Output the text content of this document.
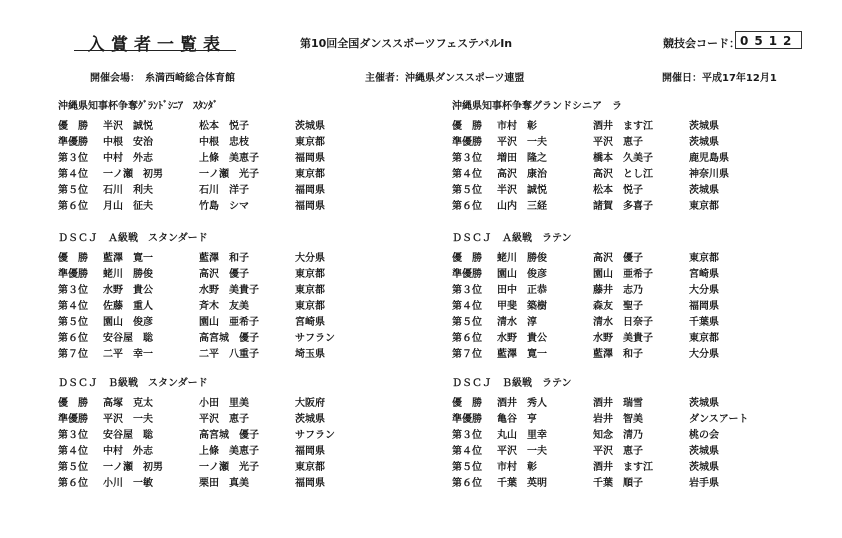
入賞者一覧表	第10回全国ダンススポーツフェステバルIn	競技会コード： 0512
開催会場：　糸満西崎総合体育館	主催者：沖縄県ダンススポーツ連盟	開催日：平成17年12月1
沖縄県知事杯争奪ｸﾞﾗﾝﾄﾞｼﾆｱ　ｽﾀﾝﾀﾞ
優　勝 半沢　誠悦	松本　悦子	茨城県
準優勝 中根　安治	中根　忠枝	東京都
第３位 中村　外志	上條　美恵子	福岡県
第４位 一ノ瀬　初男	一ノ瀬　光子	東京都
第５位 石川　利夫	石川　洋子	福岡県
第６位 月山　征夫	竹島　シマ	福岡県
沖縄県知事杯争奪グランドシニア　ラ
優　勝 市村　彰	酒井　ます江	茨城県
準優勝 平沢　一夫	平沢　恵子	茨城県
第３位 増田　隆之	橋本　久美子	鹿児島県
第４位 高沢　康治	高沢　とし江	神奈川県
第５位 半沢　誠悦	松本　悦子	茨城県
第６位 山内　三経	諸賀　多喜子	東京都
ＤＳＣＪ　Ａ級戦　スタンダード
優　勝 藍澤　寛一	藍澤　和子	大分県
準優勝 蛯川　勝俊	高沢　優子	東京都
第３位 水野　貴公	水野　美貴子	東京都
第４位 佐藤　重人	斉木　友美	東京都
第５位 園山　俊彦	園山　亜希子	宮崎県
第６位 安谷屋　聡	高宮城　優子	サフラン
第７位 二平　幸一	二平　八重子	埼玉県
ＤＳＣＪ　Ａ級戦　ラテン
優　勝 蛯川　勝俊	高沢　優子	東京都
準優勝 園山　俊彦	園山　亜希子	宮崎県
第３位 田中　正恭	藤井　志乃	大分県
第４位 甲斐　築樹	森友　聖子	福岡県
第５位 清水　淳	清水　日奈子	千葉県
第６位 水野　貴公	水野　美貴子	東京都
第７位 藍澤　寛一	藍澤　和子	大分県
ＤＳＣＪ　Ｂ級戦　スタンダード
優　勝 高塚　克太	小田　里美	大阪府
準優勝 平沢　一夫	平沢　恵子	茨城県
第３位 安谷屋　聡	高宮城　優子	サフラン
第４位 中村　外志	上條　美恵子	福岡県
第５位 一ノ瀬　初男	一ノ瀬　光子	東京都
第６位 小川　一敏	栗田　真美	福岡県
ＤＳＣＪ　Ｂ級戦　ラテン
優　勝 酒井　秀人	酒井　瑞雪	茨城県
準優勝 亀谷　亨	岩井　智美	ダンスアート
第３位 丸山　里幸	知念　清乃	桃の会
第４位 平沢　一夫	平沢　恵子	茨城県
第５位 市村　彰	酒井　ます江	茨城県
第６位 千葉　英明	千葉　順子	岩手県
